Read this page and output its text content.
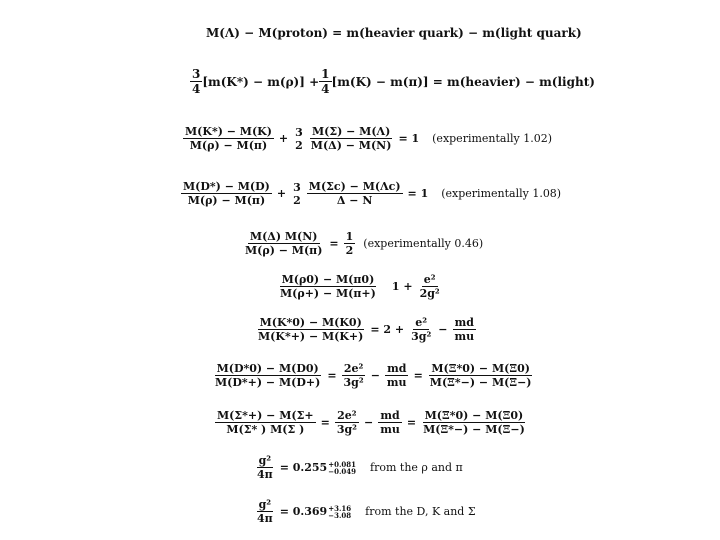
M(Λ) − M(proton) = m(heavier quark) − m(light quark)
$\frac{3}{4} [m(K*) - m(\rho)] + \frac{1}{4} [m(K) - m(\pi)]$ = m(heavier) − m(light)
$\frac{M(K*) - M(K)}{M(\rho) - M(\pi)} + 3$
$2 \frac{M(\Sigma) - M(\Lambda)}{M(\Delta) - M(N)} = 1$	(experimentally 1.02)
$\frac{M(D*) - M(D)}{M(\rho) - M(\pi)} + 3$
$2 \frac{M(\Sigma c) - M(\Lambda c)}{\Delta - N} = 1$	(experimentally 1.08)
$\frac{M(\Delta) M(N)}{M(\rho) - M(\pi)} = \frac{1}{2}$ (experimentally 0.46)
$\frac{M(\rho 0) - M(\pi 0)}{M(\rho+) - M(\pi+)}$	$1 + \frac{\text{e²}}{\text{2g²}}$
$\frac{M(K*0) - M(K0)}{M(K*+) - M(K+)} = 2 + \frac{\text{e²}}{\text{3g²}} - \frac{md}{mu}$
$\frac{M(D*0) - M(D0)}{M(D*+) - M(D+)} = \frac{\text{2e²}}{\text{3g²}} - \frac{md}{mu} = \frac{M(\Xi*0) - M(\Xi 0)}{M(\Xi*-) - M(\Xi-)}$
$\frac{M(\Sigma*+) - M(\Sigma+}{M(\Sigma* ) M(\Sigma )} = \frac{\text{2e²}}{\text{3g²}} - \frac{md}{mu} = \frac{M(\Xi*0) - M(\Xi 0)}{M(\Xi*-) - M(\Xi-)}$
$\frac{\text{g²}}{4\pi} = 0.255 +0.081$
−0.049	from the ρ and π
$\frac{\text{g²}}{4\pi} = 0.369 +3.16$
−3.08	from the D, K and Σ
